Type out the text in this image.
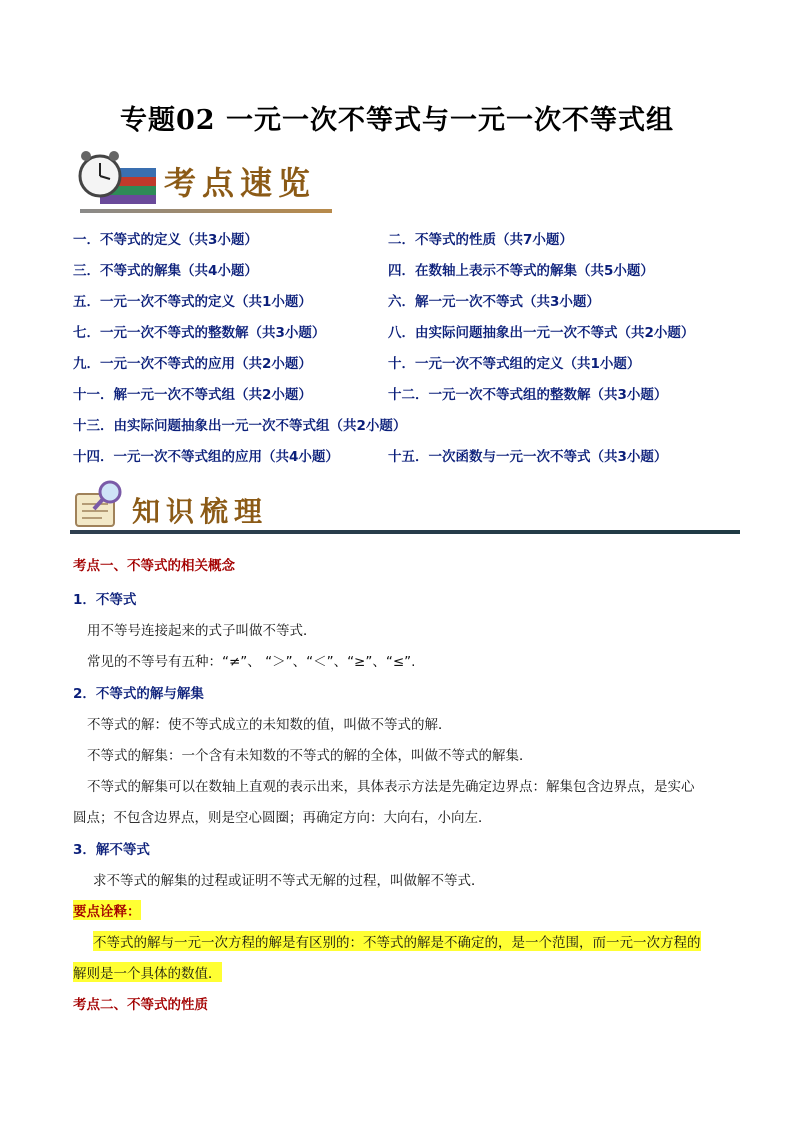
专题02 一元一次不等式与一元一次不等式组
考点速览
一．不等式的定义（共3小题）	二．不等式的性质（共7小题）
三．不等式的解集（共4小题）	四．在数轴上表示不等式的解集（共5小题）
五．一元一次不等式的定义（共1小题）	六．解一元一次不等式（共3小题）
七．一元一次不等式的整数解（共3小题）	八．由实际问题抽象出一元一次不等式（共2小题）
九．一元一次不等式的应用（共2小题）	十．一元一次不等式组的定义（共1小题）
十一．解一元一次不等式组（共2小题）	十二．一元一次不等式组的整数解（共3小题）
十三．由实际问题抽象出一元一次不等式组（共2小题）
十四．一元一次不等式组的应用（共4小题）	十五．一次函数与一元一次不等式（共3小题）
知识梳理
考点一、不等式的相关概念
1．不等式
用不等号连接起来的式子叫做不等式．
常见的不等号有五种：“≠”、 “＞”、“＜”、“≥”、“≤”.
2．不等式的解与解集
不等式的解：使不等式成立的未知数的值，叫做不等式的解．
不等式的解集：一个含有未知数的不等式的解的全体，叫做不等式的解集．
不等式的解集可以在数轴上直观的表示出来，具体表示方法是先确定边界点：解集包含边界点，是实心
圆点；不包含边界点，则是空心圆圈；再确定方向：大向右，小向左．
3．解不等式
求不等式的解集的过程或证明不等式无解的过程，叫做解不等式．
要点诠释：
不等式的解与一元一次方程的解是有区别的：不等式的解是不确定的，是一个范围，而一元一次方程的
解则是一个具体的数值．
考点二、不等式的性质
